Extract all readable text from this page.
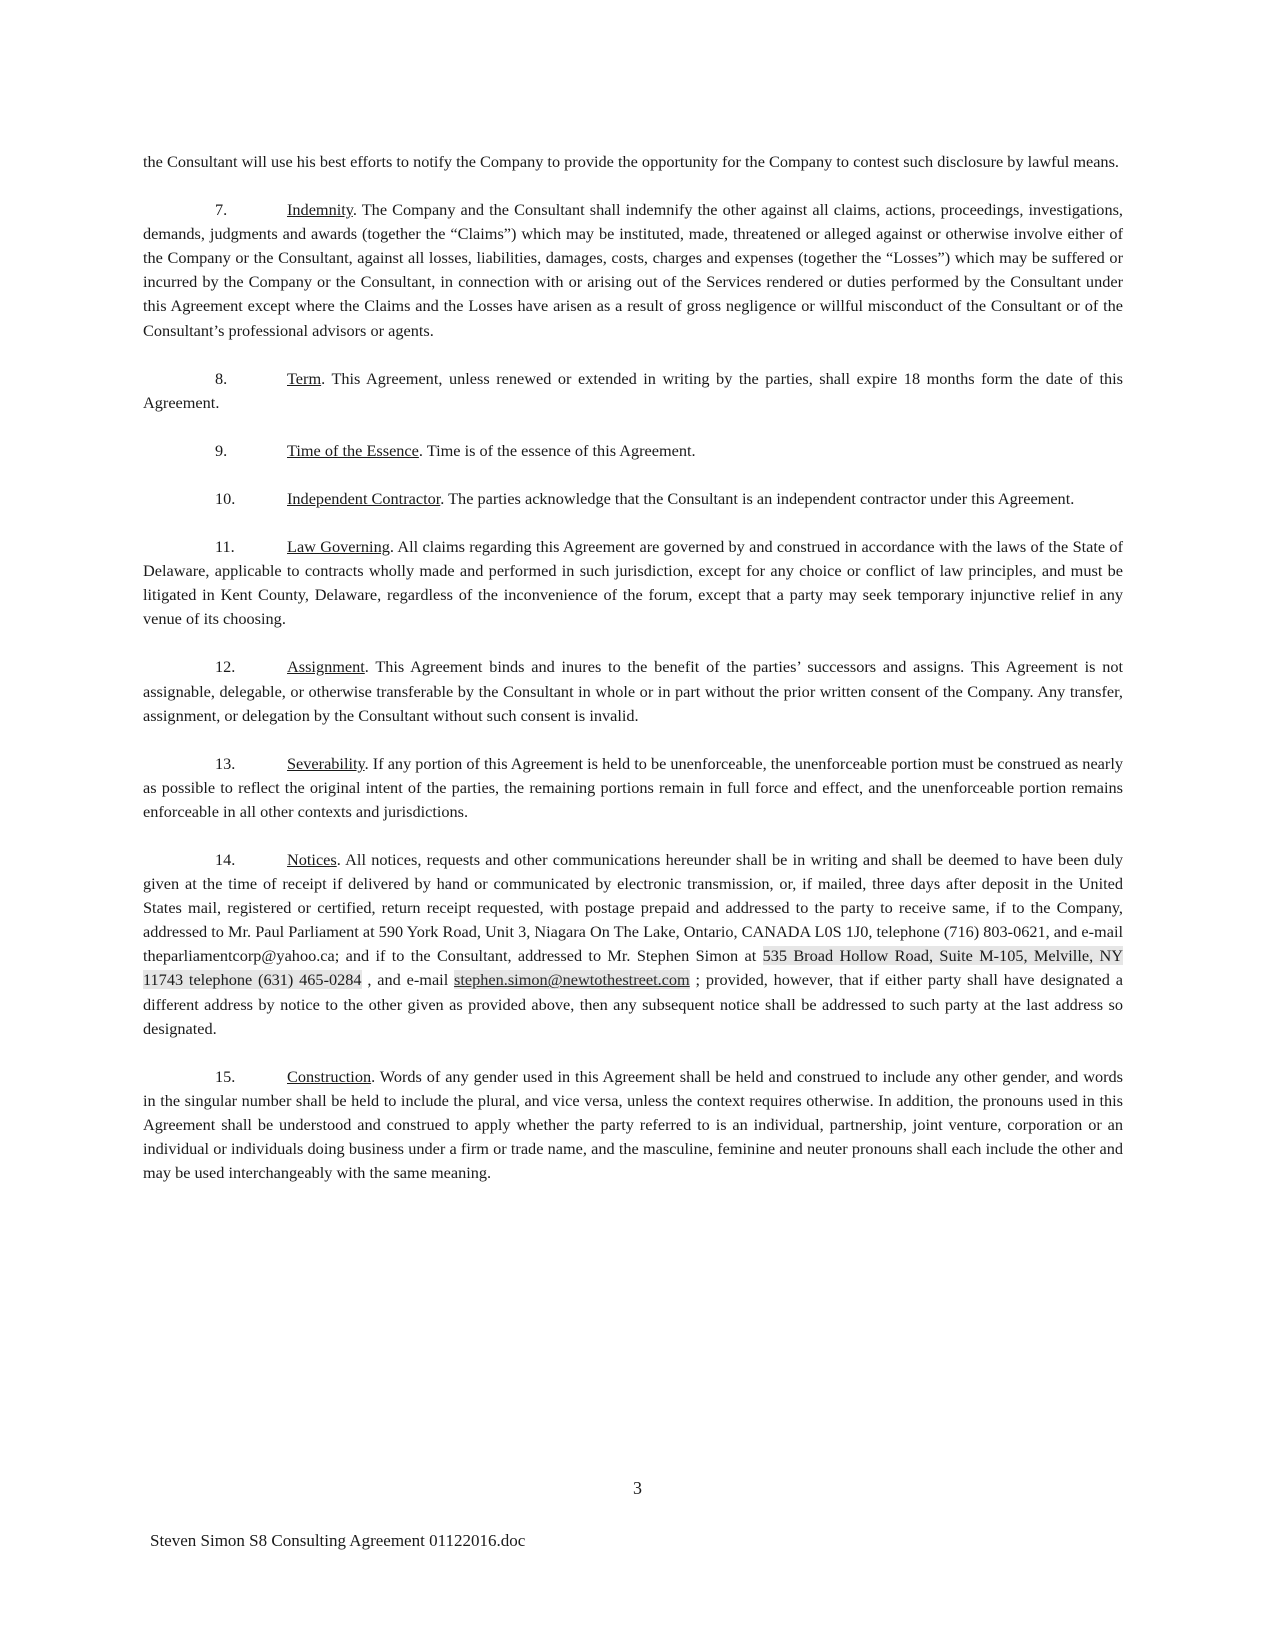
the Consultant will use his best efforts to notify the Company to provide the opportunity for the Company to contest such disclosure by lawful means.

7.	Indemnity. The Company and the Consultant shall indemnify the other against all claims, actions, proceedings, investigations, demands, judgments and awards (together the “Claims”) which may be instituted, made, threatened or alleged against or otherwise involve either of the Company or the Consultant, against all losses, liabilities, damages, costs, charges and expenses (together the “Losses”) which may be suffered or incurred by the Company or the Consultant, in connection with or arising out of the Services rendered or duties performed by the Consultant under this Agreement except where the Claims and the Losses have arisen as a result of gross negligence or willful misconduct of the Consultant or of the Consultant’s professional advisors or agents.

8.	Term. This Agreement, unless renewed or extended in writing by the parties, shall expire 18 months form the date of this Agreement.

9.	Time of the Essence. Time is of the essence of this Agreement.

10.	Independent Contractor. The parties acknowledge that the Consultant is an independent contractor under this Agreement.

11.	Law Governing. All claims regarding this Agreement are governed by and construed in accordance with the laws of the State of Delaware, applicable to contracts wholly made and performed in such jurisdiction, except for any choice or conflict of law principles, and must be litigated in Kent County, Delaware, regardless of the inconvenience of the forum, except that a party may seek temporary injunctive relief in any venue of its choosing.

12.	Assignment. This Agreement binds and inures to the benefit of the parties’ successors and assigns. This Agreement is not assignable, delegable, or otherwise transferable by the Consultant in whole or in part without the prior written consent of the Company. Any transfer, assignment, or delegation by the Consultant without such consent is invalid.

13.	Severability. If any portion of this Agreement is held to be unenforceable, the unenforceable portion must be construed as nearly as possible to reflect the original intent of the parties, the remaining portions remain in full force and effect, and the unenforceable portion remains enforceable in all other contexts and jurisdictions.

14.	Notices. All notices, requests and other communications hereunder shall be in writing and shall be deemed to have been duly given at the time of receipt if delivered by hand or communicated by electronic transmission, or, if mailed, three days after deposit in the United States mail, registered or certified, return receipt requested, with postage prepaid and addressed to the party to receive same, if to the Company, addressed to Mr. Paul Parliament at 590 York Road, Unit 3, Niagara On The Lake, Ontario, CANADA L0S 1J0, telephone (716) 803-0621, and e-mail theparliamentcorp@yahoo.ca; and if to the Consultant, addressed to Mr. Stephen Simon at 535 Broad Hollow Road, Suite M-105, Melville, NY 11743 telephone (631) 465-0284 , and e-mail stephen.simon@newtothestreet.com ; provided, however, that if either party shall have designated a different address by notice to the other given as provided above, then any subsequent notice shall be addressed to such party at the last address so designated.

15.	Construction. Words of any gender used in this Agreement shall be held and construed to include any other gender, and words in the singular number shall be held to include the plural, and vice versa, unless the context requires otherwise. In addition, the pronouns used in this Agreement shall be understood and construed to apply whether the party referred to is an individual, partnership, joint venture, corporation or an individual or individuals doing business under a firm or trade name, and the masculine, feminine and neuter pronouns shall each include the other and may be used interchangeably with the same meaning.

3
Steven Simon S8 Consulting Agreement 01122016.doc
